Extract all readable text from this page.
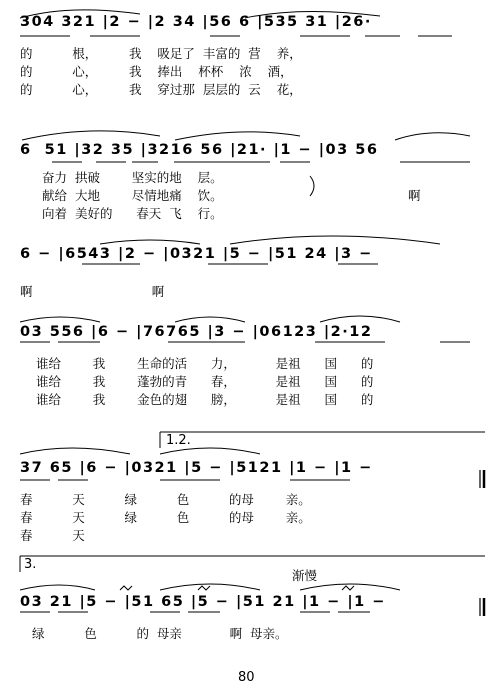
304 321 |2 − |2 34 |56 6 |535 31 |26·
的          根，        我    吸足了  丰富的  营    养，
的          心，        我    捧出    杯杯    浓    酒，
的          心，        我    穿过那  层层的  云    花，
6  51 |32 35 |3216 56 |21· |1 − |03 56
奋力  拱破        坚实的地    层。
献给  大地        尽情地痛    饮。
向着  美好的      春天  飞    行。
啊
6 − |6543 |2 − |0321 |5 − |51 24 |3 −
啊                              啊
03 556 |6 − |76765 |3 − |06123 |2·12
谁给        我        生命的活      力，          是祖      国      的
谁给        我        蓬勃的青      春，          是祖      国      的
谁给        我        金色的翅      膀，          是祖      国      的
1.2.
37 65 |6 − |0321 |5 − |5121 |1 − |1 −
春          天          绿          色          的母        亲。
春          天          绿          色          的母        亲。
春          天
3.
渐慢
03 21 |5 − |51 65 |5 − |51 21 |1 − |1 −
绿          色          的  母亲            啊  母亲。
80
